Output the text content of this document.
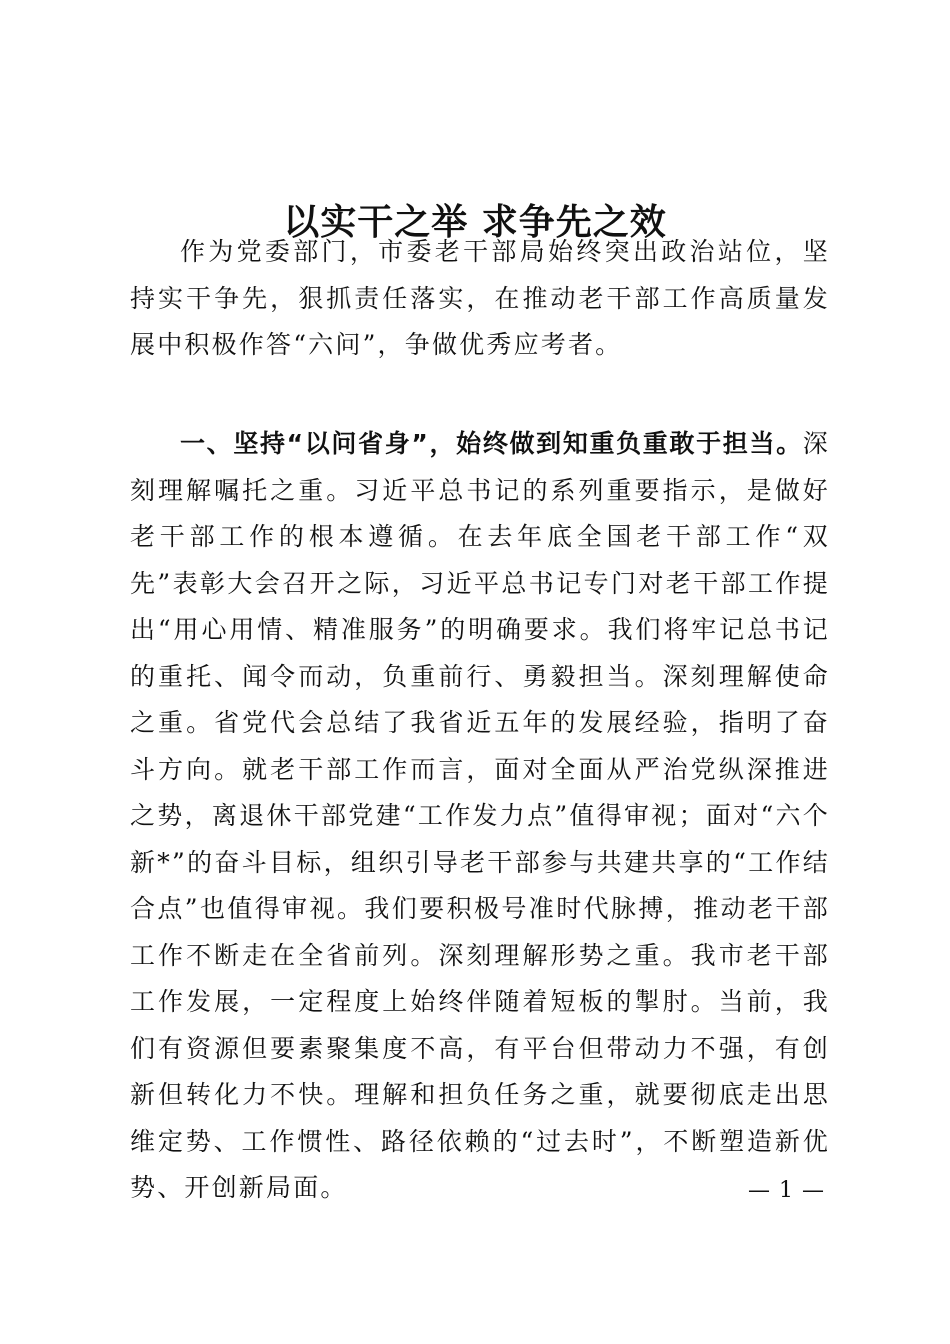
以实干之举 求争先之效

作为党委部门，市委老干部局始终突出政治站位，坚持实干争先，狠抓责任落实，在推动老干部工作高质量发展中积极作答“六问”，争做优秀应考者。

一、坚持“以问省身”，始终做到知重负重敢于担当。深刻理解嘱托之重。习近平总书记的系列重要指示，是做好老干部工作的根本遵循。在去年底全国老干部工作“双先”表彰大会召开之际，习近平总书记专门对老干部工作提出“用心用情、精准服务”的明确要求。我们将牢记总书记的重托、闻令而动，负重前行、勇毅担当。深刻理解使命之重。省党代会总结了我省近五年的发展经验，指明了奋斗方向。就老干部工作而言，面对全面从严治党纵深推进之势，离退休干部党建“工作发力点”值得审视；面对“六个新*”的奋斗目标，组织引导老干部参与共建共享的“工作结合点”也值得审视。我们要积极号准时代脉搏，推动老干部工作不断走在全省前列。深刻理解形势之重。我市老干部工作发展，一定程度上始终伴随着短板的掣肘。当前，我们有资源但要素聚集度不高，有平台但带动力不强，有创新但转化力不快。理解和担负任务之重，就要彻底走出思维定势、工作惯性、路径依赖的“过去时”，不断塑造新优势、开创新局面。	— 1 —
